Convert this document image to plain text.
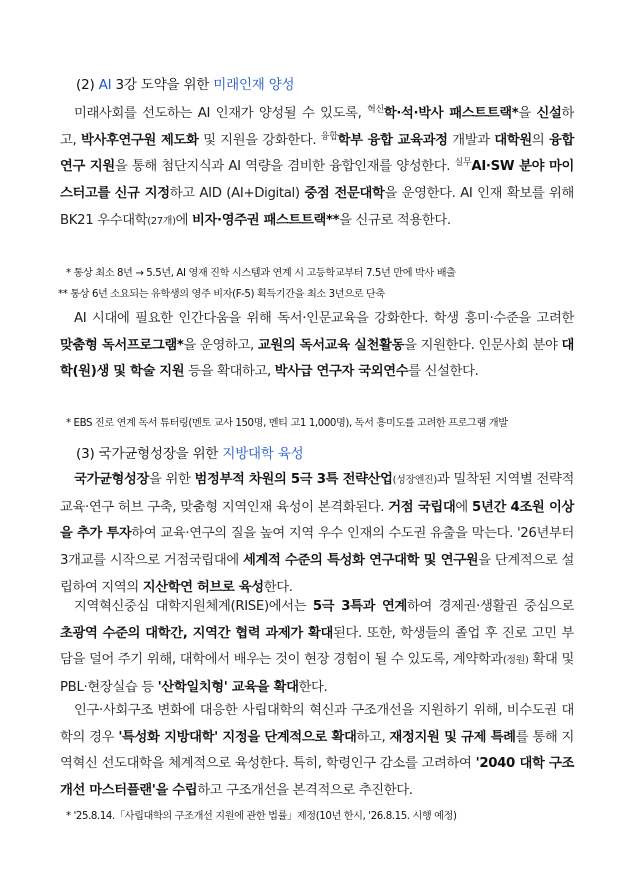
(2) AI 3강 도약을 위한 미래인재 양성
미래사회를 선도하는 AI 인재가 양성될 수 있도록, $^{혁신}$학·석·박사 패스트트랙*을 신설하고, 박사후연구원 제도화 및 지원을 강화한다. $^{융합}$학부 융합 교육과정 개발과 대학원의 융합연구 지원을 통해 첨단지식과 AI 역량을 겸비한 융합인재를 양성한다. $^{실무}$AI·SW 분야 마이스터고를 신규 지정하고 AID (AI+Digital) 중점 전문대학을 운영한다. AI 인재 확보를 위해 BK21 우수대학(27개)에 비자·영주권 패스트트랙**을 신규로 적용한다.
* 통상 최소 8년 → 5.5년, AI 영재 진학 시스템과 연계 시 고등학교부터 7.5년 만에 박사 배출
** 통상 6년 소요되는 유학생의 영주 비자(F-5) 획득기간을 최소 3년으로 단축
AI 시대에 필요한 인간다움을 위해 독서·인문교육을 강화한다. 학생 흥미·수준을 고려한 맞춤형 독서프로그램*을 운영하고, 교원의 독서교육 실천활동을 지원한다. 인문사회 분야 대학(원)생 및 학술 지원 등을 확대하고, 박사급 연구자 국외연수를 신설한다.
* EBS 진로 연계 독서 튜터링(멘토 교사 150명, 멘티 고1 1,000명), 독서 흥미도를 고려한 프로그램 개발
(3) 국가균형성장을 위한 지방대학 육성
국가균형성장을 위한 범정부적 차원의 5극 3특 전략산업(성장엔진)과 밀착된 지역별 전략적 교육·연구 허브 구축, 맞춤형 지역인재 육성이 본격화된다. 거점 국립대에 5년간 4조원 이상을 추가 투자하여 교육·연구의 질을 높여 지역 우수 인재의 수도권 유출을 막는다. '26년부터 3개교를 시작으로 거점국립대에 세계적 수준의 특성화 연구대학 및 연구원을 단계적으로 설립하여 지역의 지산학연 허브로 육성한다.
지역혁신중심 대학지원체계(RISE)에서는 5극 3특과 연계하여 경제권·생활권 중심으로 초광역 수준의 대학간, 지역간 협력 과제가 확대된다. 또한, 학생들의 졸업 후 진로 고민 부담을 덜어 주기 위해, 대학에서 배우는 것이 현장 경험이 될 수 있도록, 계약학과(정원) 확대 및 PBL·현장실습 등 '산학일치형' 교육을 확대한다.
인구·사회구조 변화에 대응한 사립대학의 혁신과 구조개선을 지원하기 위해, 비수도권 대학의 경우 '특성화 지방대학' 지정을 단계적으로 확대하고, 재정지원 및 규제 특례를 통해 지역혁신 선도대학을 체계적으로 육성한다. 특히, 학령인구 감소를 고려하여 '2040 대학 구조개선 마스터플랜'을 수립하고 구조개선을 본격적으로 추진한다.
* '25.8.14.「사립대학의 구조개선 지원에 관한 법률」제정(10년 한시, '26.8.15. 시행 예정)
